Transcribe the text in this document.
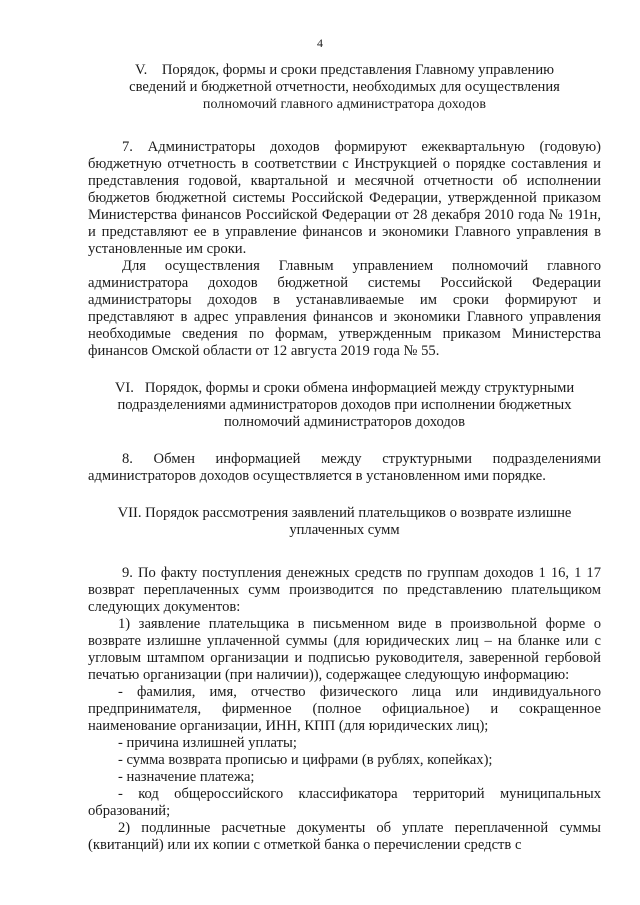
4
V.    Порядок, формы и сроки представления Главному управлению
сведений и бюджетной отчетности, необходимых для осуществления
полномочий главного администратора доходов

7. Администраторы доходов формируют ежеквартальную (годовую) бюджетную отчетность в соответствии с Инструкцией о порядке составления и представления годовой, квартальной и месячной отчетности об исполнении бюджетов бюджетной системы Российской Федерации, утвержденной приказом Министерства финансов Российской Федерации от 28 декабря 2010 года № 191н, и представляют ее в управление финансов и экономики Главного управления в установленные им сроки.

Для осуществления Главным управлением полномочий главного администратора доходов бюджетной системы Российской Федерации администраторы доходов в устанавливаемые им сроки формируют и представляют в адрес управления финансов и экономики Главного управления необходимые сведения по формам, утвержденным приказом Министерства финансов Омской области от 12 августа 2019 года № 55.

VI.   Порядок, формы и сроки обмена информацией между структурными
подразделениями администраторов доходов при исполнении бюджетных
полномочий администраторов доходов

8. Обмен информацией между структурными подразделениями администраторов доходов осуществляется в установленном ими порядке.

VII. Порядок рассмотрения заявлений плательщиков о возврате излишне
уплаченных сумм

9. По факту поступления денежных средств по группам доходов 1 16, 1 17 возврат переплаченных сумм производится по представлению плательщиком следующих документов:

1) заявление плательщика в письменном виде в произвольной форме о возврате излишне уплаченной суммы (для юридических лиц – на бланке или с угловым штампом организации и подписью руководителя, заверенной гербовой печатью организации (при наличии)), содержащее следующую информацию:

- фамилия, имя, отчество физического лица или индивидуального предпринимателя, фирменное (полное официальное) и сокращенное наименование организации, ИНН, КПП (для юридических лиц);

- причина излишней уплаты;

- сумма возврата прописью и цифрами (в рублях, копейках);

- назначение платежа;

- код общероссийского классификатора территорий муниципальных образований;

2) подлинные расчетные документы об уплате переплаченной суммы (квитанций) или их копии с отметкой банка о перечислении средств с
